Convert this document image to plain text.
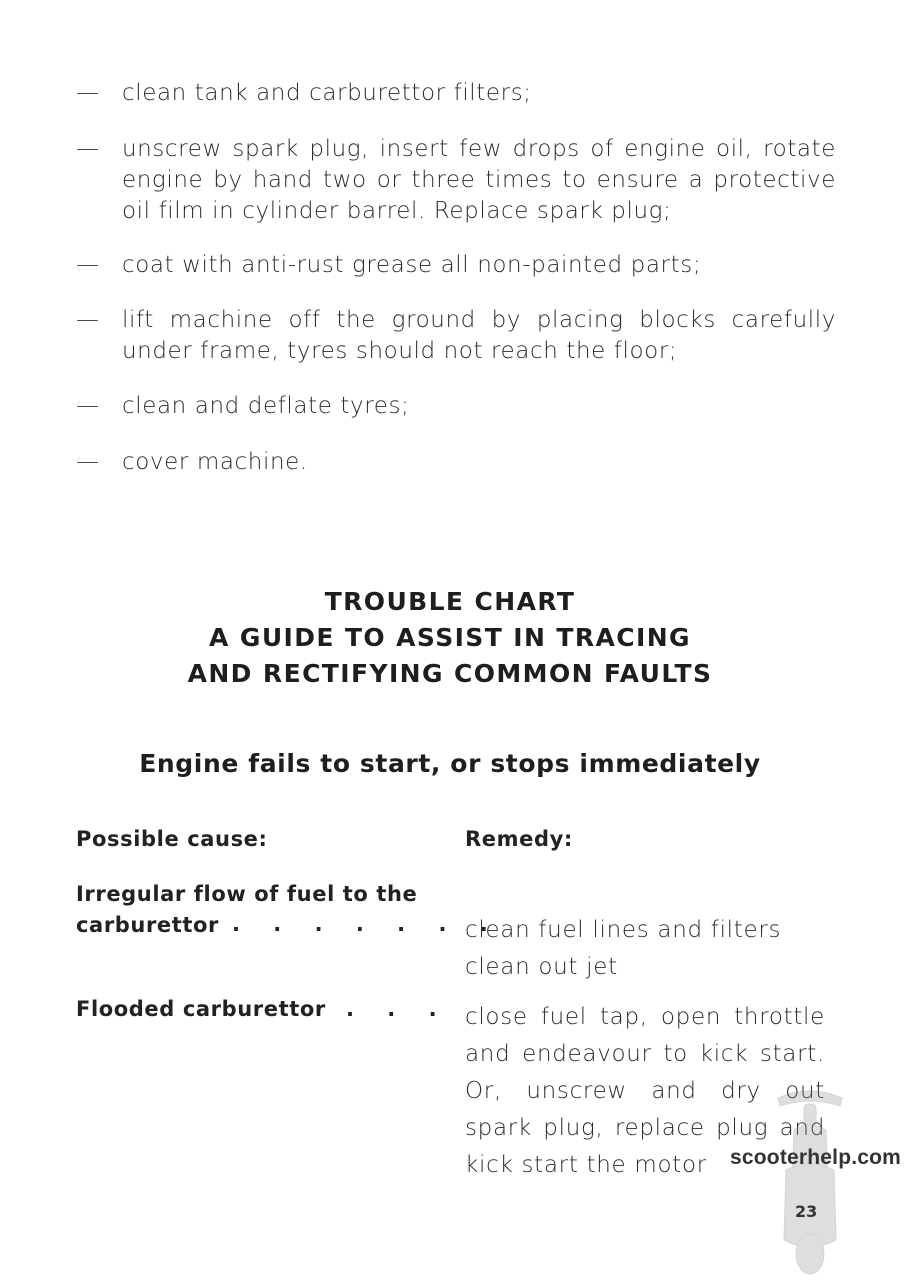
— clean tank and carburettor filters;
— unscrew spark plug, insert few drops of engine oil, rotate engine by hand two or three times to ensure a protective oil film in cylinder barrel. Replace spark plug;
— coat with anti-rust grease all non-painted parts;
— lift machine off the ground by placing blocks carefully under frame, tyres should not reach the floor;
— clean and deflate tyres;
— cover machine.
TROUBLE CHART
A GUIDE TO ASSIST IN TRACING
AND RECTIFYING COMMON FAULTS
Engine fails to start, or stops immediately
Possible cause:	Remedy:
Irregular flow of fuel to the
carburettor . . . . . . .
clean fuel lines and filters
clean out jet
Flooded carburettor . . . close fuel tap, open throttle
and endeavour to kick start.
Or, unscrew and dry out
spark plug, replace plug and
kick start the motor	scooterhelp.com
23
